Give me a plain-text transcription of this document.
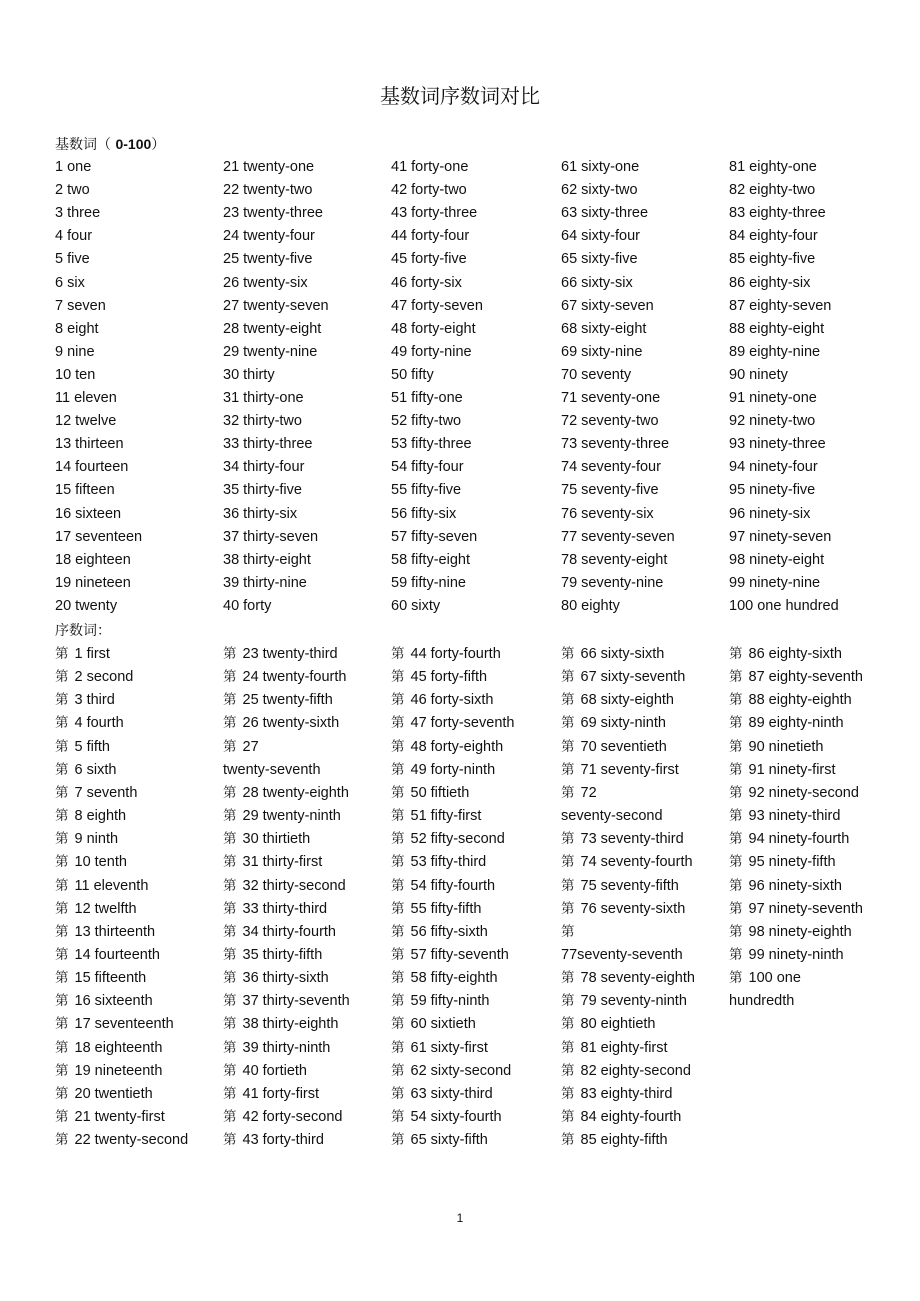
基数词序数词对比
基数词（ 0-100）
序数词：
1 one
2 two
3 three
4 four
5 five
6 six
7 seven
8 eight
9 nine
10 ten
11 eleven
12 twelve
13 thirteen
14 fourteen
15 fifteen
16 sixteen
17 seventeen
18 eighteen
19 nineteen
20 twenty
21 twenty-one
22 twenty-two
23 twenty-three
24 twenty-four
25 twenty-five
26 twenty-six
27 twenty-seven
28 twenty-eight
29 twenty-nine
30 thirty
31 thirty-one
32 thirty-two
33 thirty-three
34 thirty-four
35 thirty-five
36 thirty-six
37 thirty-seven
38 thirty-eight
39 thirty-nine
40 forty
41 forty-one
42 forty-two
43 forty-three
44 forty-four
45 forty-five
46 forty-six
47 forty-seven
48 forty-eight
49 forty-nine
50 fifty
51 fifty-one
52 fifty-two
53 fifty-three
54 fifty-four
55 fifty-five
56 fifty-six
57 fifty-seven
58 fifty-eight
59 fifty-nine
60 sixty
61 sixty-one
62 sixty-two
63 sixty-three
64 sixty-four
65 sixty-five
66 sixty-six
67 sixty-seven
68 sixty-eight
69 sixty-nine
70 seventy
71 seventy-one
72 seventy-two
73 seventy-three
74 seventy-four
75 seventy-five
76 seventy-six
77 seventy-seven
78 seventy-eight
79 seventy-nine
80 eighty
81 eighty-one
82 eighty-two
83 eighty-three
84 eighty-four
85 eighty-five
86 eighty-six
87 eighty-seven
88 eighty-eight
89 eighty-nine
90 ninety
91 ninety-one
92 ninety-two
93 ninety-three
94 ninety-four
95 ninety-five
96 ninety-six
97 ninety-seven
98 ninety-eight
99 ninety-nine
100 one hundred
第 1 first
第 2 second
第 3 third
第 4 fourth
第 5 fifth
第 6 sixth
第 7 seventh
第 8 eighth
第 9 ninth
第 10 tenth
第 11 eleventh
第 12 twelfth
第 13 thirteenth
第 14 fourteenth
第 15 fifteenth
第 16 sixteenth
第 17 seventeenth
第 18 eighteenth
第 19 nineteenth
第 20 twentieth
第 21 twenty-first
第 22 twenty-second
第 23 twenty-third
第 24 twenty-fourth
第 25 twenty-fifth
第 26 twenty-sixth
第 27
twenty-seventh
第 28 twenty-eighth
第 29 twenty-ninth
第 30 thirtieth
第 31 thirty-first
第 32 thirty-second
第 33 thirty-third
第 34 thirty-fourth
第 35 thirty-fifth
第 36 thirty-sixth
第 37 thirty-seventh
第 38 thirty-eighth
第 39 thirty-ninth
第 40 fortieth
第 41 forty-first
第 42 forty-second
第 43 forty-third
第 44 forty-fourth
第 45 forty-fifth
第 46 forty-sixth
第 47 forty-seventh
第 48 forty-eighth
第 49 forty-ninth
第 50 fiftieth
第 51 fifty-first
第 52 fifty-second
第 53 fifty-third
第 54 fifty-fourth
第 55 fifty-fifth
第 56 fifty-sixth
第 57 fifty-seventh
第 58 fifty-eighth
第 59 fifty-ninth
第 60 sixtieth
第 61 sixty-first
第 62 sixty-second
第 63 sixty-third
第 54 sixty-fourth
第 65 sixty-fifth
第 66 sixty-sixth
第 67 sixty-seventh
第 68 sixty-eighth
第 69 sixty-ninth
第 70 seventieth
第 71 seventy-first
第 72
seventy-second
第 73 seventy-third
第 74 seventy-fourth
第 75 seventy-fifth
第 76 seventy-sixth
第
77seventy-seventh
第 78 seventy-eighth
第 79 seventy-ninth
第 80 eightieth
第 81 eighty-first
第 82 eighty-second
第 83 eighty-third
第 84 eighty-fourth
第 85 eighty-fifth
第 86 eighty-sixth
第 87 eighty-seventh
第 88 eighty-eighth
第 89 eighty-ninth
第 90 ninetieth
第 91 ninety-first
第 92 ninety-second
第 93 ninety-third
第 94 ninety-fourth
第 95 ninety-fifth
第 96 ninety-sixth
第 97 ninety-seventh
第 98 ninety-eighth
第 99 ninety-ninth
第 100 one
hundredth
1
